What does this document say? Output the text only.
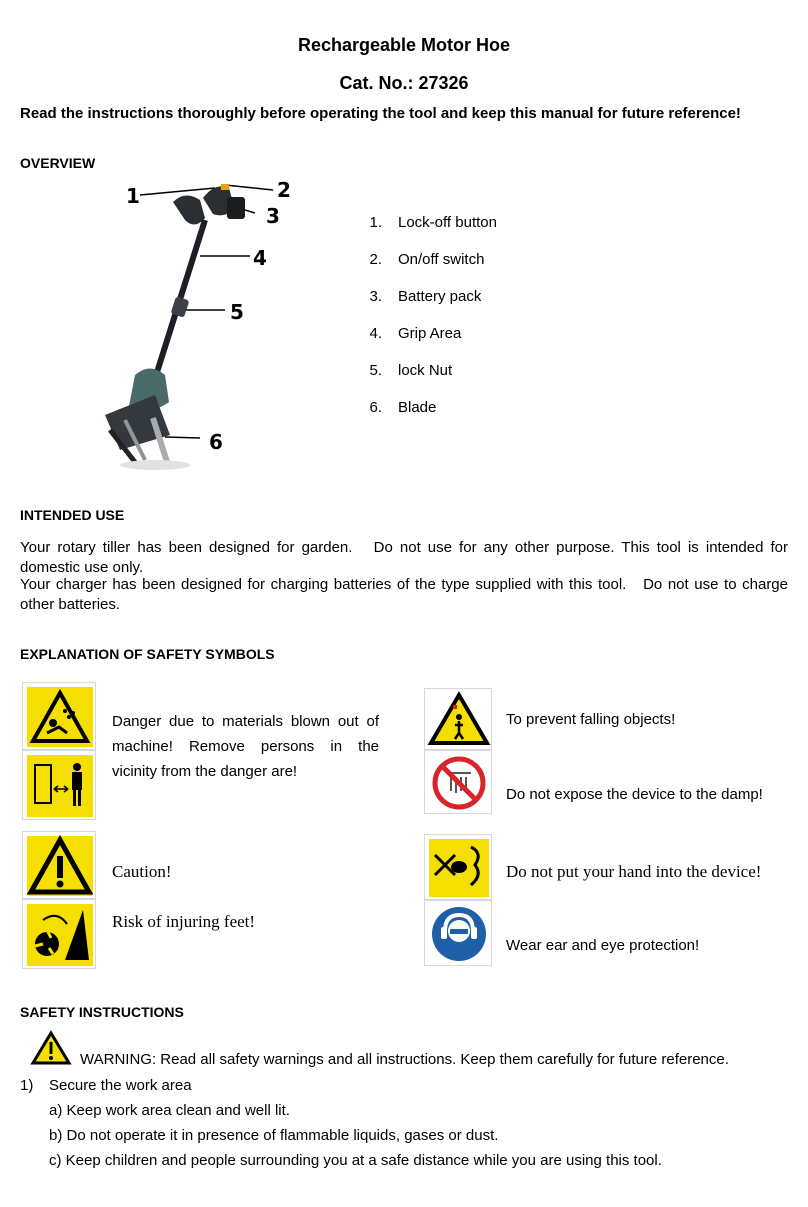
Rechargeable Motor Hoe
Cat. No.: 27326
Read the instructions thoroughly before operating the tool and keep this manual for future reference!
OVERVIEW
1	2
3
4
5
6
1. Lock-off button
2. On/off switch
3. Battery pack
4. Grip Area
5. lock Nut
6. Blade
INTENDED USE
Your rotary tiller has been designed for garden.   Do not use for any other purpose. This tool is intended for domestic use only.
Your charger has been designed for charging batteries of the type supplied with this tool.   Do not use to charge other batteries.
EXPLANATION OF SAFETY SYMBOLS
Danger due to materials blown out of machine! Remove persons in the vicinity from the danger are!
Caution!
Risk of injuring feet!
To prevent falling objects!
Do not expose the device to the damp!
Do not put your hand into the device!
Wear ear and eye protection!
SAFETY INSTRUCTIONS
WARNING: Read all safety warnings and all instructions. Keep them carefully for future reference.
1) Secure the work area
a) Keep work area clean and well lit.
b) Do not operate it in presence of flammable liquids, gases or dust.
c) Keep children and people surrounding you at a safe distance while you are using this tool.
